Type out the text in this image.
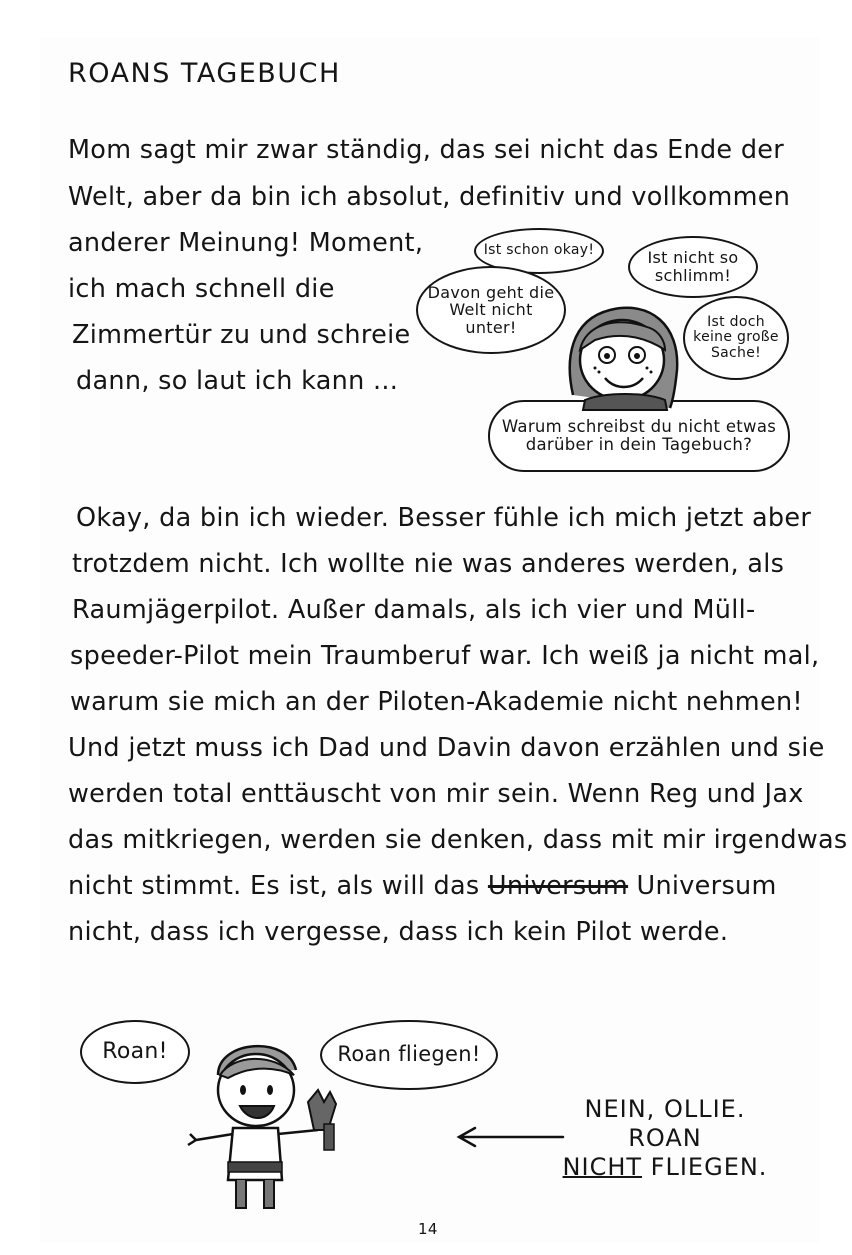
ROANS TAGEBUCH
Mom sagt mir zwar ständig, das sei nicht das Ende der
Welt, aber da bin ich absolut, definitiv und vollkommen
anderer Meinung! Moment,
ich mach schnell die
Zimmertür zu und schreie
dann, so laut ich kann ...
Ist schon okay!	Ist nicht so schlimm!
Davon geht die Welt nicht unter!	Ist doch keine große Sache!
Warum schreibst du nicht etwas darüber in dein Tagebuch?
Okay, da bin ich wieder. Besser fühle ich mich jetzt aber
trotzdem nicht. Ich wollte nie was anderes werden, als
Raumjägerpilot. Außer damals, als ich vier und Müll-
speeder-Pilot mein Traumberuf war. Ich weiß ja nicht mal,
warum sie mich an der Piloten-Akademie nicht nehmen!
Und jetzt muss ich Dad und Davin davon erzählen und sie
werden total enttäuscht von mir sein. Wenn Reg und Jax
das mitkriegen, werden sie denken, dass mit mir irgendwas
nicht stimmt. Es ist, als will das Universum Universum
nicht, dass ich vergesse, dass ich kein Pilot werde.
Roan!	Roan fliegen!
NEIN, OLLIE.
ROAN
NICHT FLIEGEN.
14
